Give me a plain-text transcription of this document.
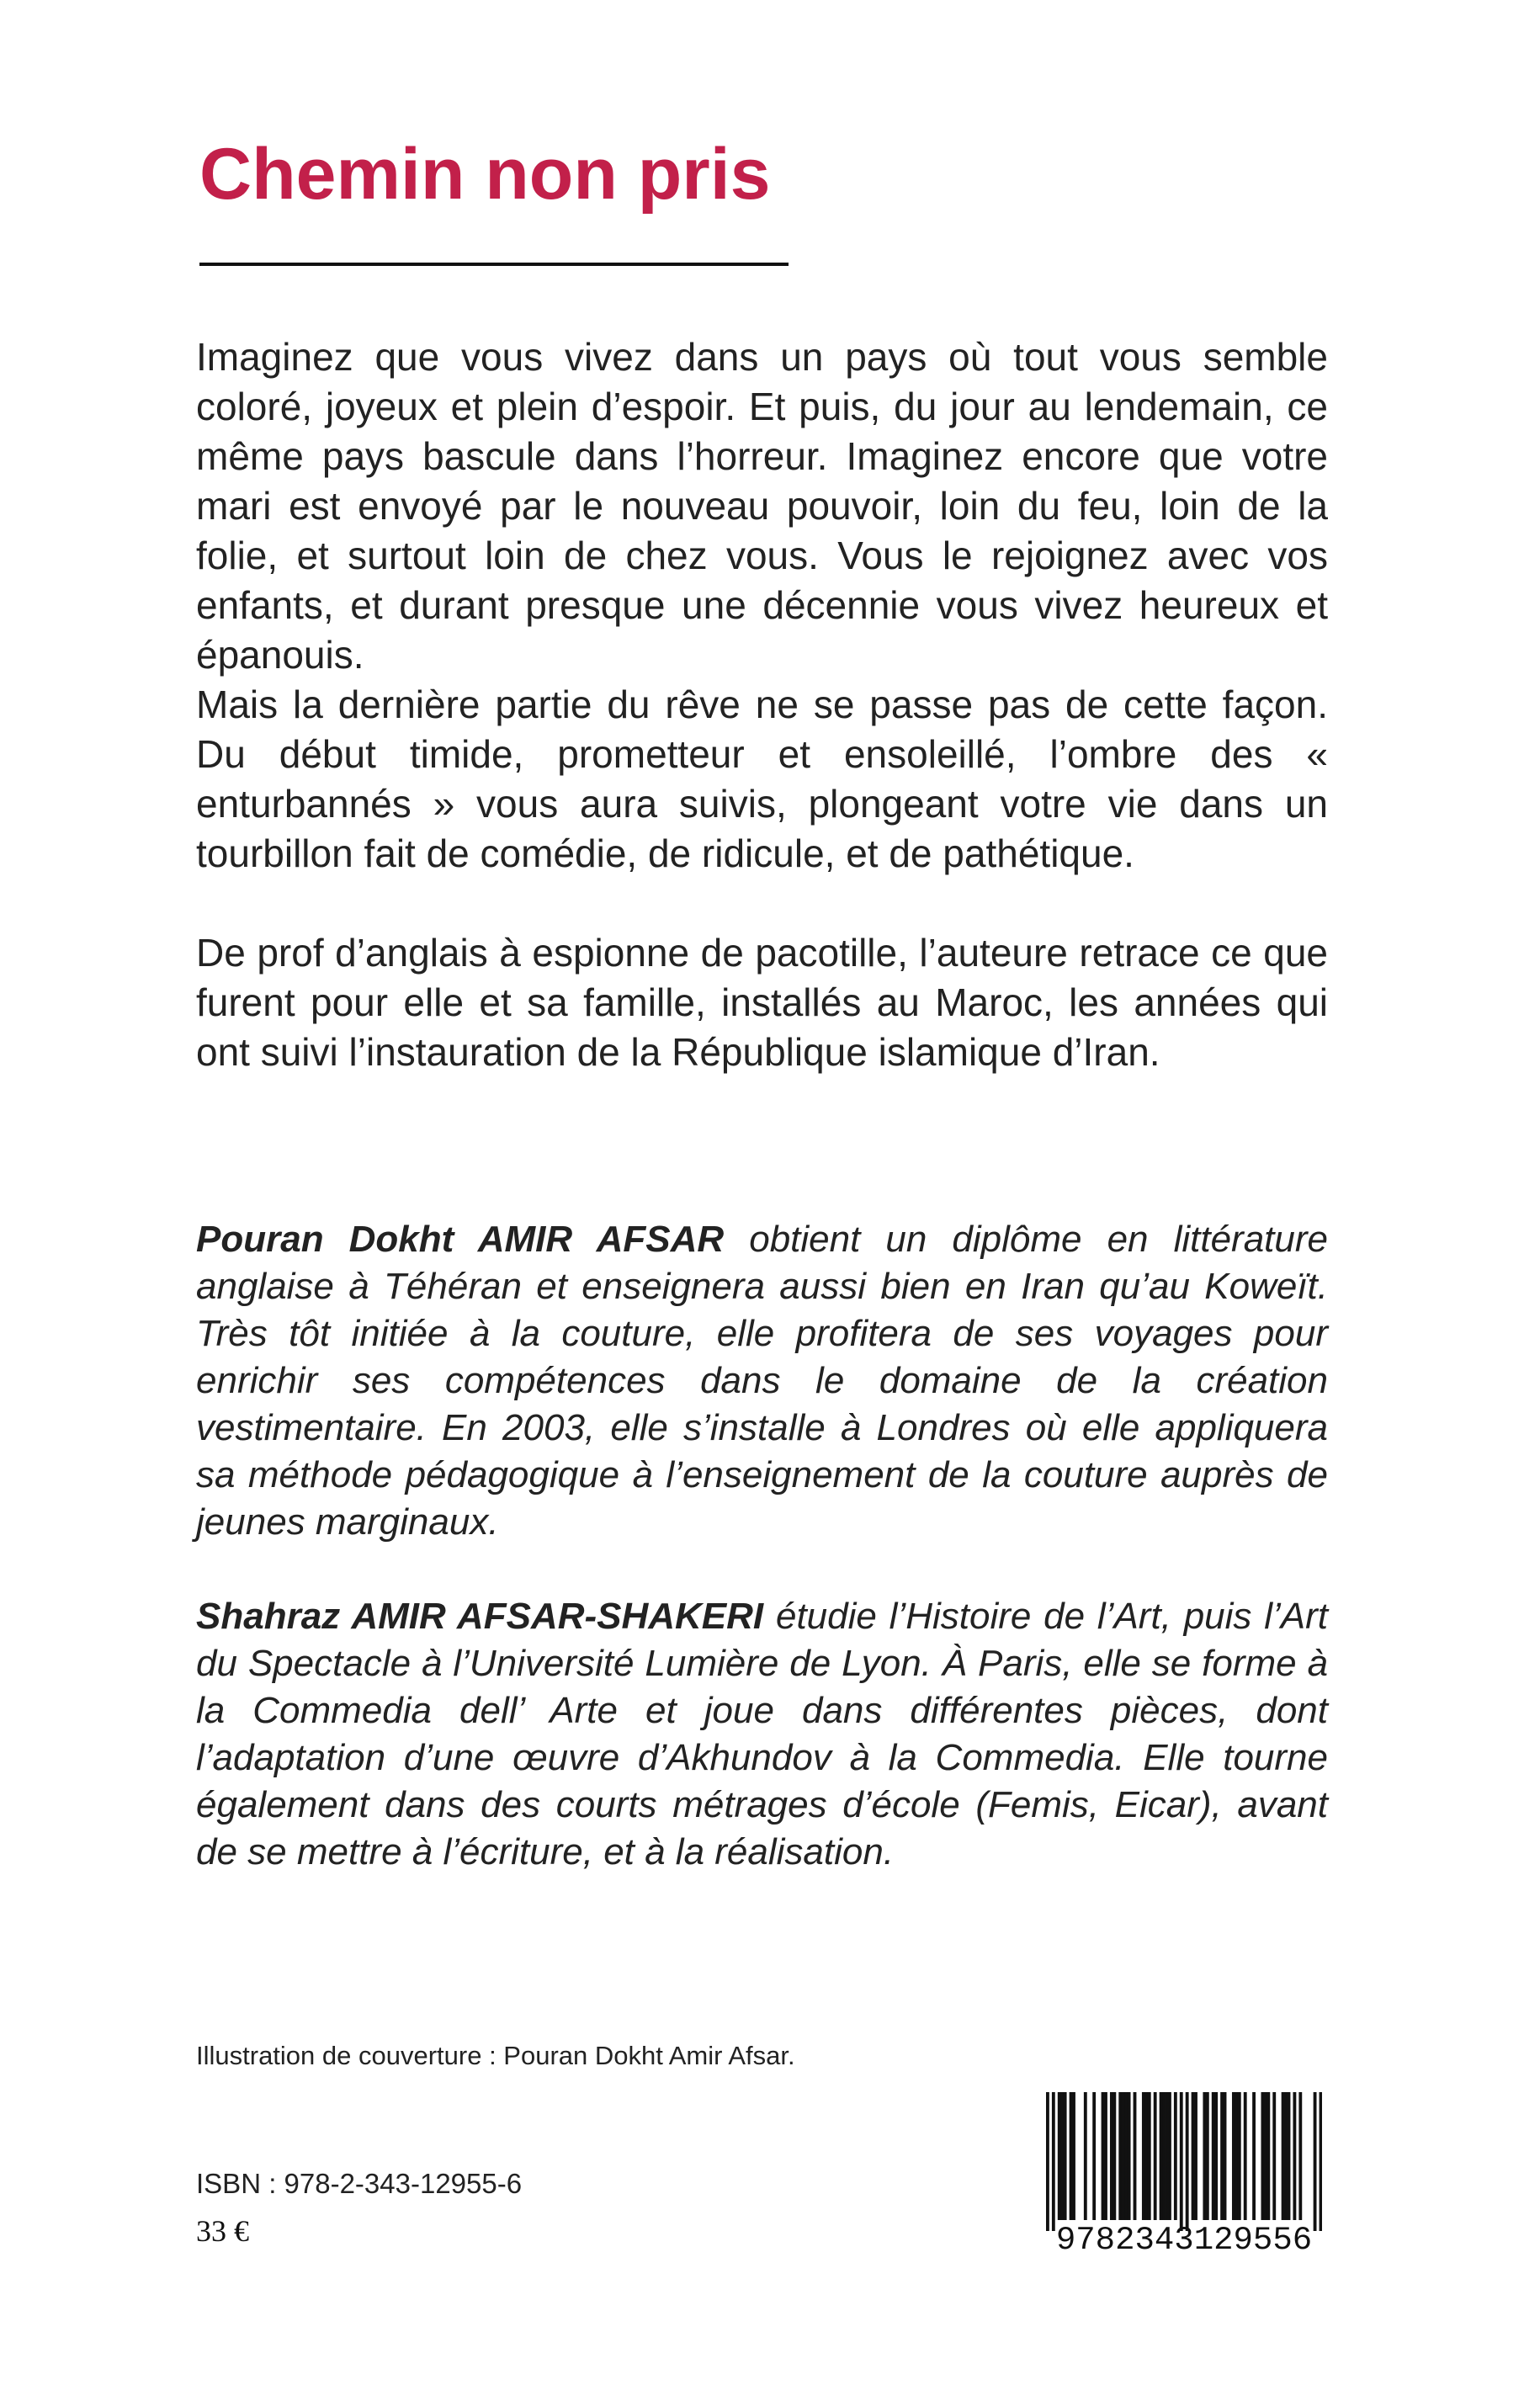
Chemin non pris

Imaginez que vous vivez dans un pays où tout vous semble coloré, joyeux et plein d’espoir. Et puis, du jour au lendemain, ce même pays bascule dans l’horreur. Imaginez encore que votre mari est envoyé par le nouveau pouvoir, loin du feu, loin de la folie, et surtout loin de chez vous. Vous le rejoignez avec vos enfants, et durant presque une décennie vous vivez heureux et épanouis.

Mais la dernière partie du rêve ne se passe pas de cette façon. Du début timide, prometteur et ensoleillé, l’ombre des « enturbannés » vous aura suivis, plongeant votre vie dans un tourbillon fait de comédie, de ridicule, et de pathétique.

De prof d’anglais à espionne de pacotille, l’auteure retrace ce que furent pour elle et sa famille, installés au Maroc, les années qui ont suivi l’instauration de la République islamique d’Iran.

Pouran Dokht AMIR AFSAR obtient un diplôme en littérature anglaise à Téhéran et enseignera aussi bien en Iran qu’au Koweït. Très tôt initiée à la couture, elle profitera de ses voyages pour enrichir ses compétences dans le domaine de la création vestimentaire. En 2003, elle s’installe à Londres où elle appliquera sa méthode pédagogique à l’enseignement de la couture auprès de jeunes marginaux.

Shahraz AMIR AFSAR-SHAKERI étudie l’Histoire de l’Art, puis l’Art du Spectacle à l’Université Lumière de Lyon. À Paris, elle se forme à la Commedia dell’ Arte et joue dans différentes pièces, dont l’adaptation d’une œuvre d’Akhundov à la Commedia. Elle tourne également dans des courts métrages d’école (Femis, Eicar), avant de se mettre à l’écriture, et à la réalisation.

Illustration de couverture : Pouran Dokht Amir Afsar.
ISBN : 978-2-343-12955-6
33 €	9782343129556
